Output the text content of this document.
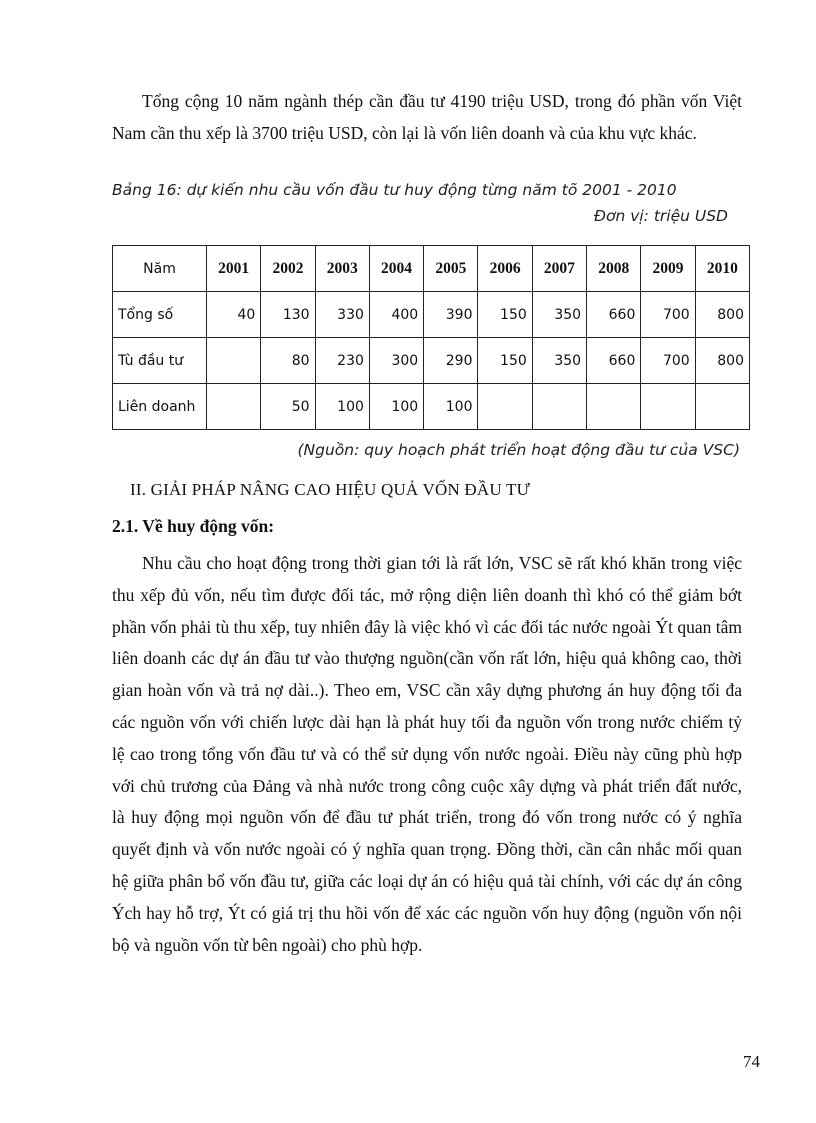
Tổng cộng 10 năm ngành thép cần đầu tư 4190 triệu USD, trong đó phần vốn Việt Nam cần thu xếp là 3700 triệu USD, còn lại là vốn liên doanh và của khu vực khác.

Bảng 16: dự kiến nhu cầu vốn đầu tư huy động từng năm tõ 2001 - 2010

Đơn vị: triệu USD

Năm	2001	2002	2003	2004	2005	2006	2007	2008	2009	2010
Tổng số	40	130	330	400	390	150	350	660	700	800
Tù đầu tư		80	230	300	290	150	350	660	700	800
Liên doanh		50	100	100	100					

(Nguồn: quy hoạch phát triển hoạt động đầu tư của VSC)

II. GIẢI PHÁP NÂNG CAO HIỆU QUẢ VỐN ĐẦU TƯ

2.1. Về huy động vốn:

Nhu cầu cho hoạt động trong thời gian tới là rất lớn, VSC sẽ rất khó khăn trong việc thu xếp đủ vốn, nếu tìm được đối tác, mở rộng diện liên doanh thì khó có thể giảm bớt phần vốn phải tù thu xếp, tuy nhiên đây là việc khó vì các đối tác nước ngoài Ýt quan tâm liên doanh các dự án đầu tư vào thượng nguồn(cần vốn rất lớn, hiệu quả không cao, thời gian hoàn vốn và trả nợ dài..). Theo em, VSC cần xây dựng phương án huy động tối đa các nguồn vốn với chiến lược dài hạn là phát huy tối đa nguồn vốn trong nước chiếm tỷ lệ cao trong tổng vốn đầu tư và có thể sử dụng vốn nước ngoài. Điều này cũng phù hợp với chủ trương của Đảng và nhà nước trong công cuộc xây dựng và phát triển đất nước, là huy động mọi nguồn vốn để đầu tư phát triển, trong đó vốn trong nước có ý nghĩa quyết định và vốn nước ngoài có ý nghĩa quan trọng. Đồng thời, cần cân nhắc mối quan hệ giữa phân bổ vốn đầu tư, giữa các loại dự án có hiệu quả tài chính, với các dự án công Ých hay hỗ trợ, Ýt có giá trị thu hồi vốn để xác các nguồn vốn huy động (nguồn vốn nội bộ và nguồn vốn từ bên ngoài) cho phù hợp.

74
